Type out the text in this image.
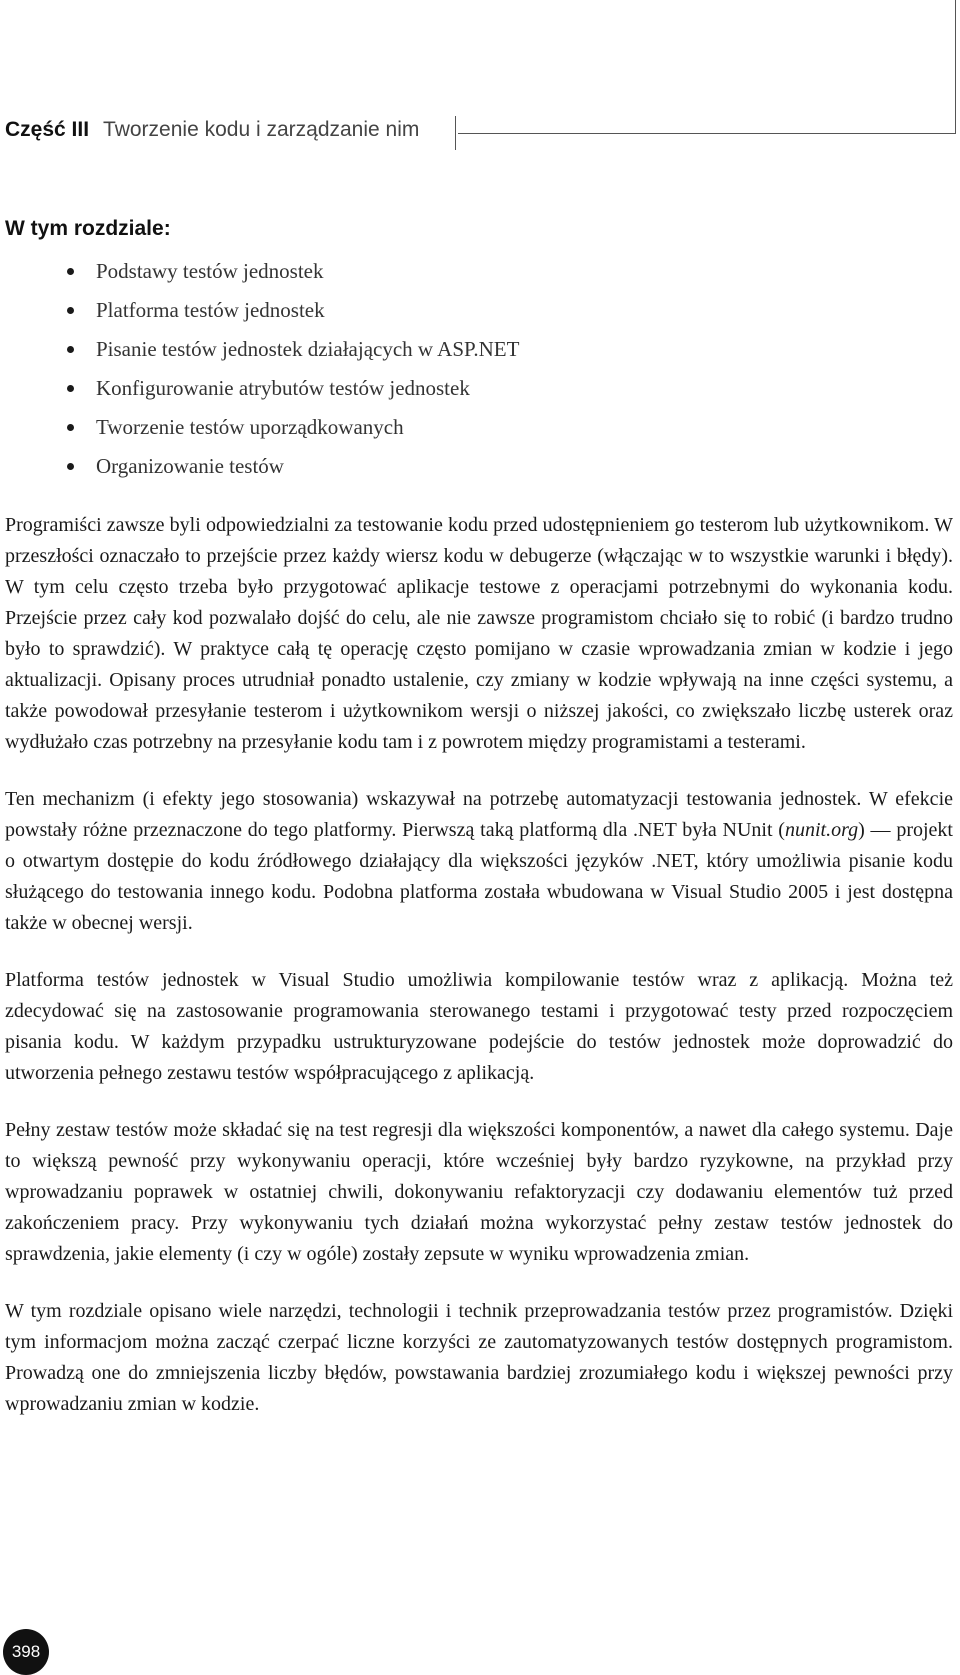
Część III Tworzenie kodu i zarządzanie nim
W tym rozdziale:
Podstawy testów jednostek
Platforma testów jednostek
Pisanie testów jednostek działających w ASP.NET
Konfigurowanie atrybutów testów jednostek
Tworzenie testów uporządkowanych
Organizowanie testów

Programiści zawsze byli odpowiedzialni za testowanie kodu przed udostępnieniem go testerom lub użytkownikom. W przeszłości oznaczało to przejście przez każdy wiersz kodu w debugerze (włączając w to wszystkie warunki i błędy). W tym celu często trzeba było przygotować aplikacje testowe z operacjami potrzebnymi do wykonania kodu. Przejście przez cały kod pozwalało dojść do celu, ale nie zawsze programistom chciało się to robić (i bardzo trudno było to sprawdzić). W praktyce całą tę operację często pomijano w czasie wprowadzania zmian w kodzie i jego aktualizacji. Opisany proces utrudniał ponadto ustalenie, czy zmiany w kodzie wpływają na inne części systemu, a także powodował przesyłanie testerom i użytkownikom wersji o niższej jakości, co zwiększało liczbę usterek oraz wydłużało czas potrzebny na przesyłanie kodu tam i z powrotem między programistami a testerami.

Ten mechanizm (i efekty jego stosowania) wskazywał na potrzebę automatyzacji testowania jednostek. W efekcie powstały różne przeznaczone do tego platformy. Pierwszą taką platformą dla .NET była NUnit (nunit.org) — projekt o otwartym dostępie do kodu źródłowego działający dla większości języków .NET, który umożliwia pisanie kodu służącego do testowania innego kodu. Podobna platforma została wbudowana w Visual Studio 2005 i jest dostępna także w obecnej wersji.

Platforma testów jednostek w Visual Studio umożliwia kompilowanie testów wraz z aplikacją. Można też zdecydować się na zastosowanie programowania sterowanego testami i przygotować testy przed rozpoczęciem pisania kodu. W każdym przypadku ustrukturyzowane podejście do testów jednostek może doprowadzić do utworzenia pełnego zestawu testów współpracującego z aplikacją.

Pełny zestaw testów może składać się na test regresji dla większości komponentów, a nawet dla całego systemu. Daje to większą pewność przy wykonywaniu operacji, które wcześniej były bardzo ryzykowne, na przykład przy wprowadzaniu poprawek w ostatniej chwili, dokonywaniu refaktoryzacji czy dodawaniu elementów tuż przed zakończeniem pracy. Przy wykonywaniu tych działań można wykorzystać pełny zestaw testów jednostek do sprawdzenia, jakie elementy (i czy w ogóle) zostały zepsute w wyniku wprowadzenia zmian.

W tym rozdziale opisano wiele narzędzi, technologii i technik przeprowadzania testów przez programistów. Dzięki tym informacjom można zacząć czerpać liczne korzyści ze zautomatyzowanych testów dostępnych programistom. Prowadzą one do zmniejszenia liczby błędów, powstawania bardziej zrozumiałego kodu i większej pewności przy wprowadzaniu zmian w kodzie.

398
